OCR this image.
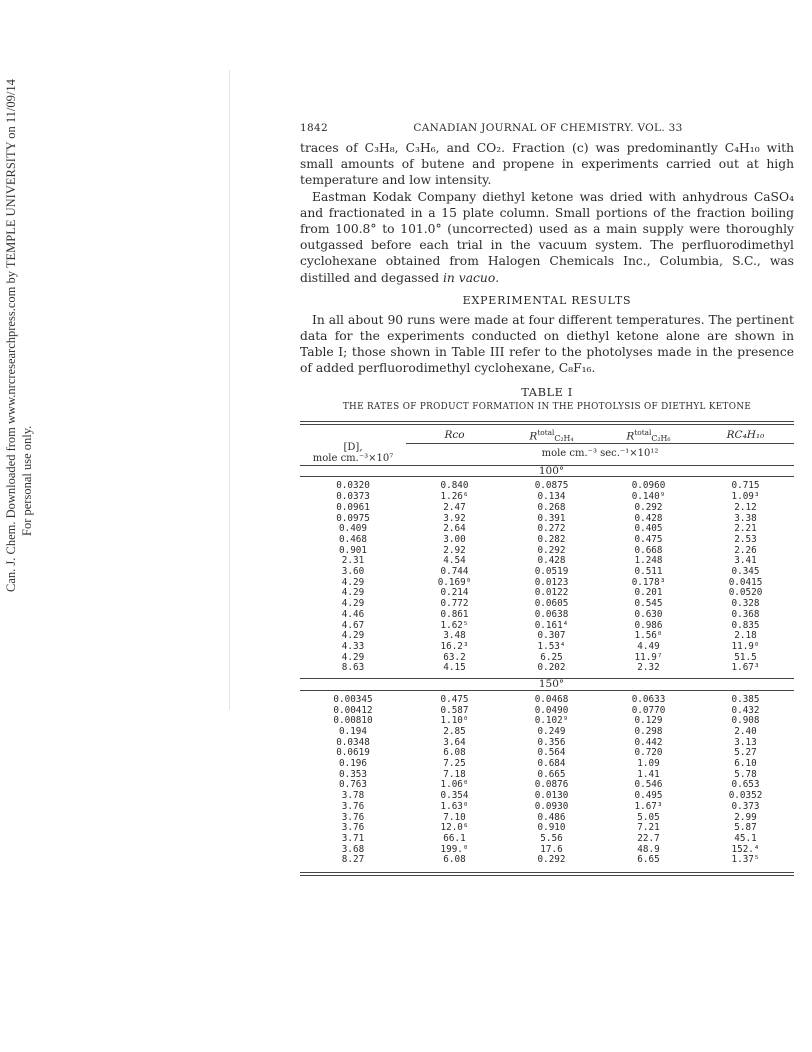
Can. J. Chem. Downloaded from www.nrcresearchpress.com by TEMPLE UNIVERSITY on 11/09/14 For personal use only.
1842	CANADIAN JOURNAL OF CHEMISTRY. VOL. 33

traces of C₃H₈, C₃H₆, and CO₂. Fraction (c) was predominantly C₄H₁₀ with small amounts of butene and propene in experiments carried out at high temperature and low intensity.

Eastman Kodak Company diethyl ketone was dried with anhydrous CaSO₄ and fractionated in a 15 plate column. Small portions of the fraction boiling from 100.8° to 101.0° (uncorrected) used as a main supply were thoroughly outgassed before each trial in the vacuum system. The perfluorodimethyl cyclohexane obtained from Halogen Chemicals Inc., Columbia, S.C., was distilled and degassed in vacuo.

EXPERIMENTAL RESULTS

In all about 90 runs were made at four different temperatures. The pertinent data for the experiments conducted on diethyl ketone alone are shown in Table I; those shown in Table III refer to the photolyses made in the presence of added perfluorodimethyl cyclohexane, C₈F₁₆.

TABLE I
THE RATES OF PRODUCT FORMATION IN THE PHOTOLYSIS OF DIETHYL KETONE

	Rco	$R^{total}C_2H_4$	$R^{total}C_2H_6$	RC₄H₁₀
[D],
mole cm.⁻³×10⁷	mole cm.⁻³ sec.⁻¹×10¹²			
		100°		

0.0320	0.840	0.0875	0.0960	0.715
0.0373	1.26⁶	0.134	0.140⁹	1.09³
0.0961	2.47	0.268	0.292	2.12
0.0975	3.92	0.391	0.428	3.38
0.409	2.64	0.272	0.405	2.21
0.468	3.00	0.282	0.475	2.53
0.901	2.92	0.292	0.668	2.26
2.31	4.54	0.428	1.248	3.41
3.60	0.744	0.0519	0.511	0.345
4.29	0.169⁰	0.0123	0.178³	0.0415
4.29	0.214	0.0122	0.201	0.0520
4.29	0.772	0.0605	0.545	0.328
4.46	0.861	0.0638	0.630	0.368
4.67	1.62⁵	0.161⁴	0.986	0.835
4.29	3.48	0.307	1.56⁰	2.18
4.33	16.2³	1.53⁴	4.49	11.9⁰
4.29	63.2	6.25	11.9⁷	51.5
8.63	4.15	0.202	2.32	1.67³

		150°		

0.00345	0.475	0.0468	0.0633	0.385
0.00412	0.587	0.0490	0.0770	0.432
0.00810	1.10⁰	0.102⁹	0.129	0.908
0.194	2.85	0.249	0.298	2.40
0.0348	3.64	0.356	0.442	3.13
0.0619	6.08	0.564	0.720	5.27
0.196	7.25	0.684	1.09	6.10
0.353	7.18	0.665	1.41	5.78
0.763	1.06⁰	0.0876	0.546	0.653
3.78	0.354	0.0130	0.495	0.0352
3.76	1.63⁰	0.0930	1.67³	0.373
3.76	7.10	0.486	5.05	2.99
3.76	12.0⁶	0.910	7.21	5.87
3.71	66.1	5.56	22.7	45.1
3.68	199.⁰	17.6	48.9	152.⁴
8.27	6.08	0.292	6.65	1.37⁵
